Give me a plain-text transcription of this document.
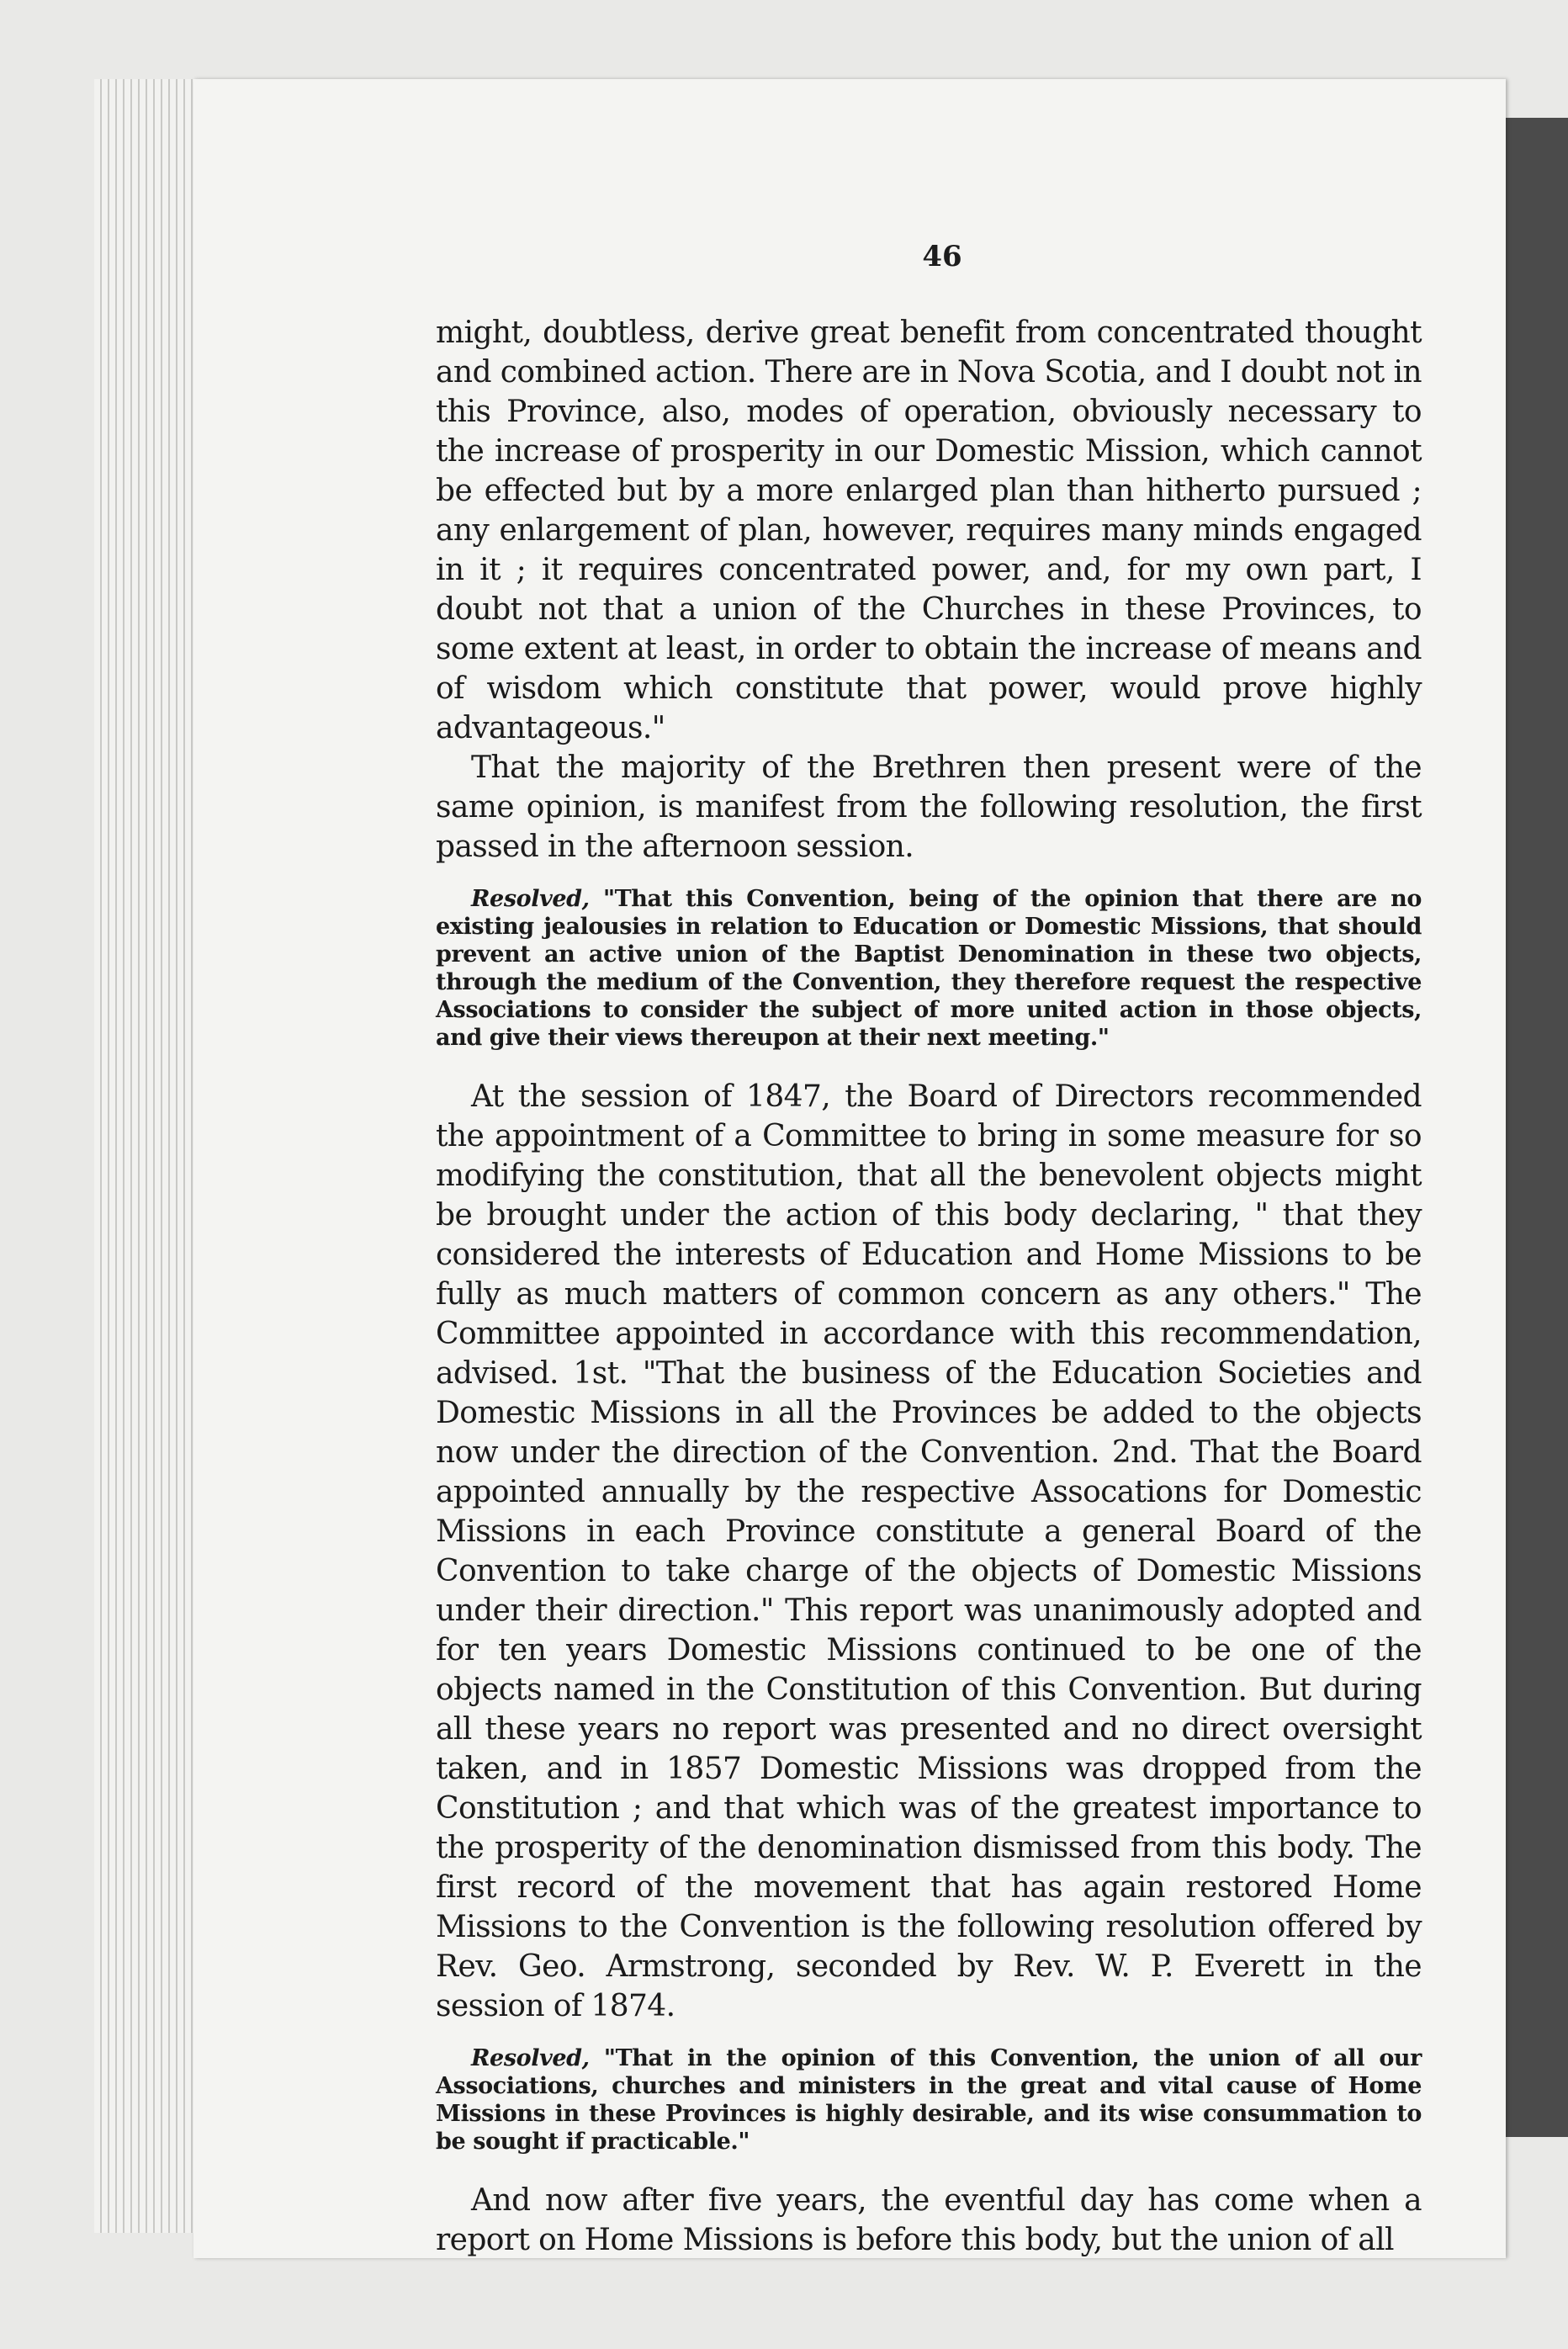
46

might, doubtless, derive great benefit from concentrated thought and combined action. There are in Nova Scotia, and I doubt not in this Province, also, modes of operation, obviously necessary to the increase of prosperity in our Domestic Mission, which cannot be effected but by a more enlarged plan than hitherto pursued ; any enlargement of plan, however, requires many minds engaged in it ; it requires concentrated power, and, for my own part, I doubt not that a union of the Churches in these Provinces, to some extent at least, in order to obtain the increase of means and of wisdom which constitute that power, would prove highly advantageous."

That the majority of the Brethren then present were of the same opinion, is manifest from the following resolution, the first passed in the afternoon session.

Resolved, "That this Convention, being of the opinion that there are no existing jealousies in relation to Education or Domestic Missions, that should prevent an active union of the Baptist Denomination in these two objects, through the medium of the Convention, they therefore request the respective Associations to consider the subject of more united action in those objects, and give their views thereupon at their next meeting."

At the session of 1847, the Board of Directors recommended the appointment of a Committee to bring in some measure for so modifying the constitution, that all the benevolent objects might be brought under the action of this body declaring, " that they considered the interests of Education and Home Missions to be fully as much matters of common concern as any others." The Committee appointed in accordance with this recommendation, advised. 1st. "That the business of the Education Societies and Domestic Missions in all the Provinces be added to the objects now under the direction of the Convention. 2nd. That the Board appointed annually by the respective Assocations for Domestic Missions in each Province constitute a general Board of the Convention to take charge of the objects of Domestic Missions under their direction." This report was unanimously adopted and for ten years Domestic Missions continued to be one of the objects named in the Constitution of this Convention. But during all these years no report was presented and no direct oversight taken, and in 1857 Domestic Missions was dropped from the Constitution ; and that which was of the greatest importance to the prosperity of the denomination dismissed from this body. The first record of the movement that has again restored Home Missions to the Convention is the following resolution offered by Rev. Geo. Armstrong, seconded by Rev. W. P. Everett in the session of 1874.

Resolved, "That in the opinion of this Convention, the union of all our Associations, churches and ministers in the great and vital cause of Home Missions in these Provinces is highly desirable, and its wise consummation to be sought if practicable."

And now after five years, the eventful day has come when a report on Home Missions is before this body, but the union of all
